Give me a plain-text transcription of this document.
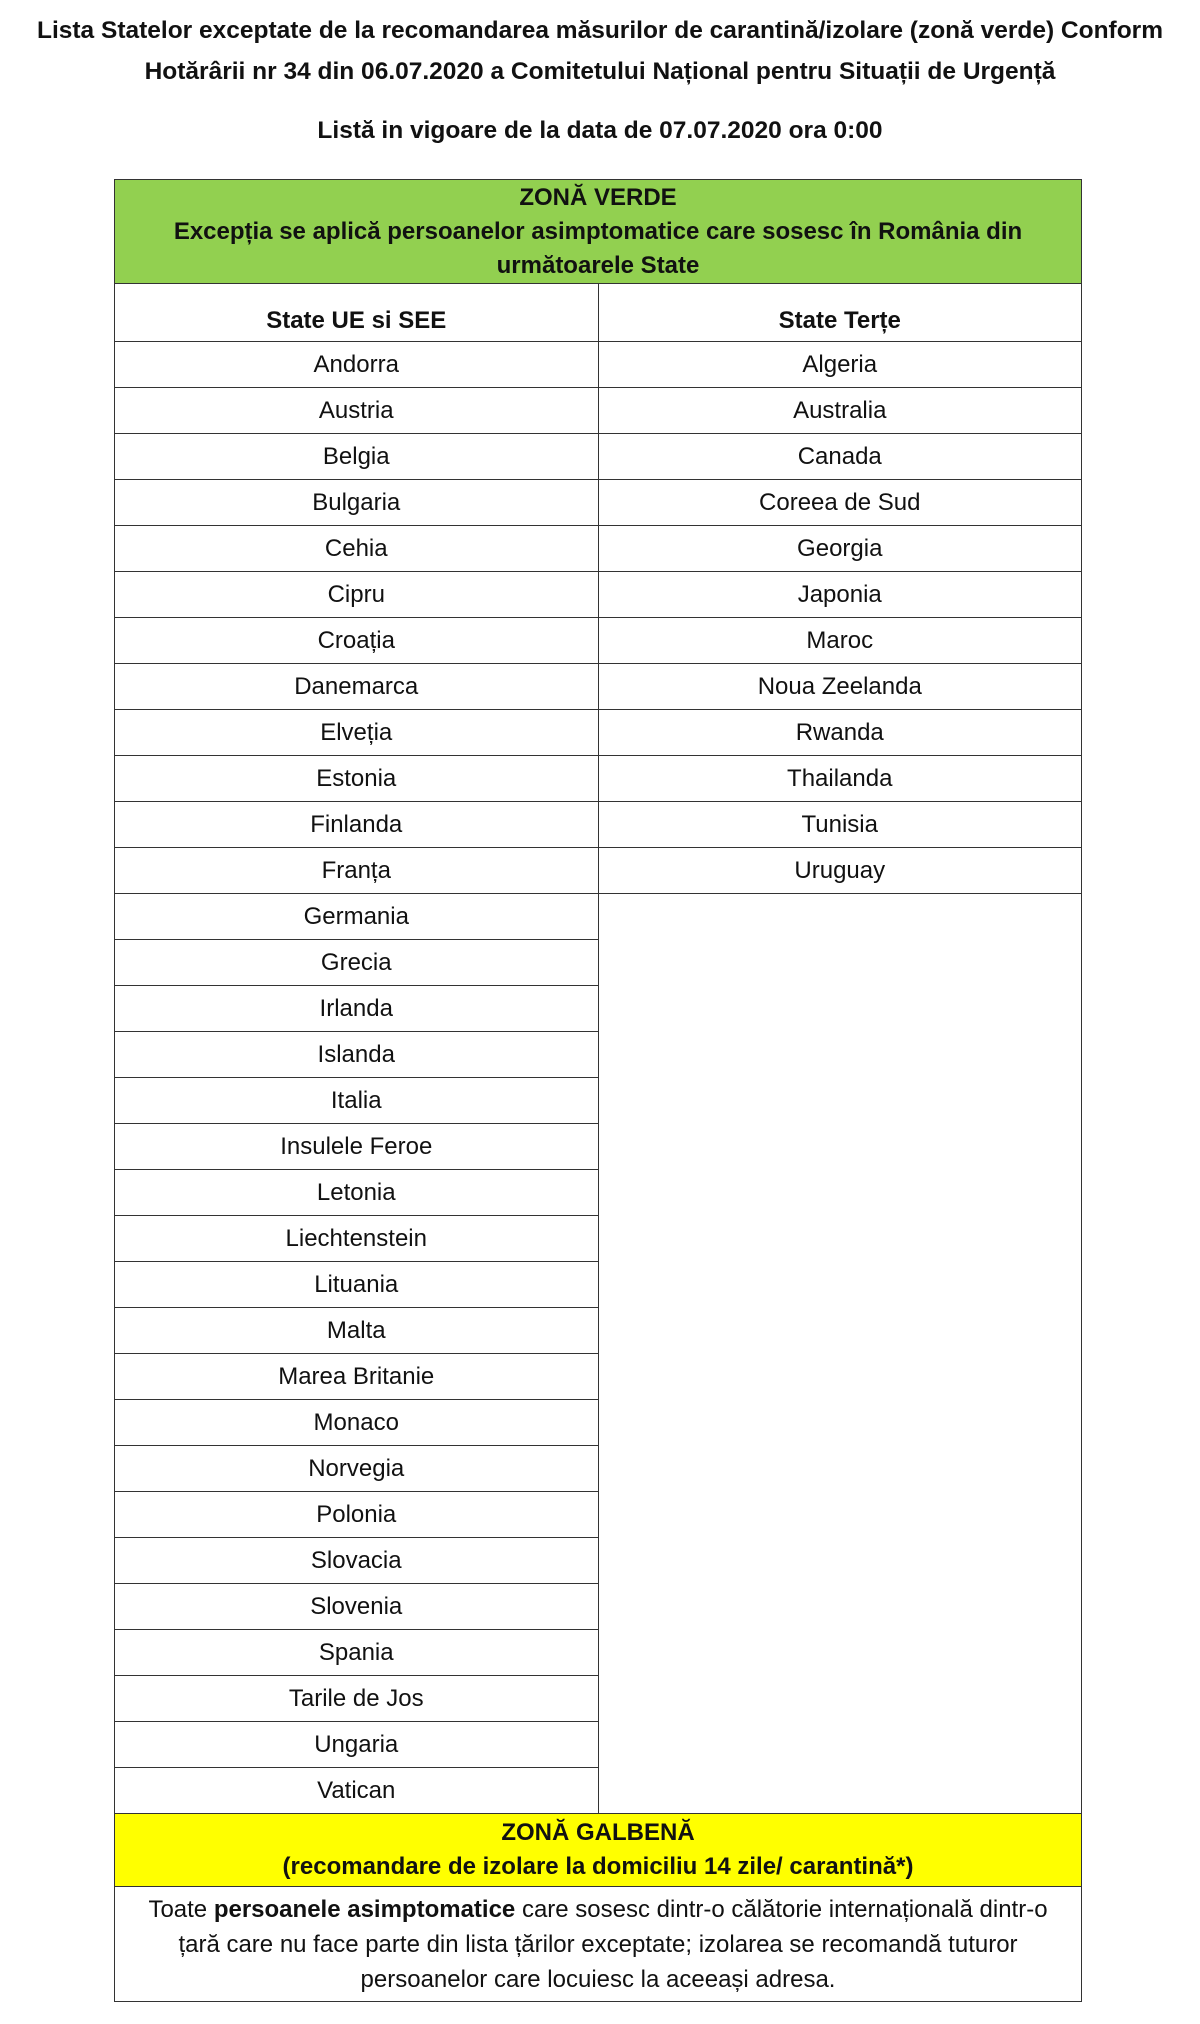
Lista Statelor exceptate de la recomandarea măsurilor de carantină/izolare (zonă verde) Conform
Hotărârii nr 34 din 06.07.2020 a Comitetului Național pentru Situații de Urgență
Listă in vigoare de la data de 07.07.2020 ora 0:00
ZONĂ VERDE
Excepția se aplică persoanelor asimptomatice care sosesc în România din
următoarele State	

State UE si SEE	State Terțe
Andorra	Algeria
Austria	Australia
Belgia	Canada
Bulgaria	Coreea de Sud
Cehia	Georgia
Cipru	Japonia
Croația	Maroc
Danemarca	Noua Zeelanda
Elveția	Rwanda
Estonia	Thailanda
Finlanda	Tunisia
Franța	Uruguay
Germania	
Grecia	
Irlanda	
Islanda	
Italia	
Insulele Feroe	
Letonia	
Liechtenstein	
Lituania	
Malta	
Marea Britanie	
Monaco	
Norvegia	
Polonia	
Slovacia	
Slovenia	
Spania	
Tarile de Jos	
Ungaria	
Vatican	

ZONĂ GALBENĂ
(recomandare de izolare la domiciliu 14 zile/ carantină*)	

Toate persoanele asimptomatice care sosesc dintr-o călătorie internațională dintr-o țară care nu face parte din lista țărilor exceptate; izolarea se recomandă tuturor persoanelor care locuiesc la aceeași adresa.	
